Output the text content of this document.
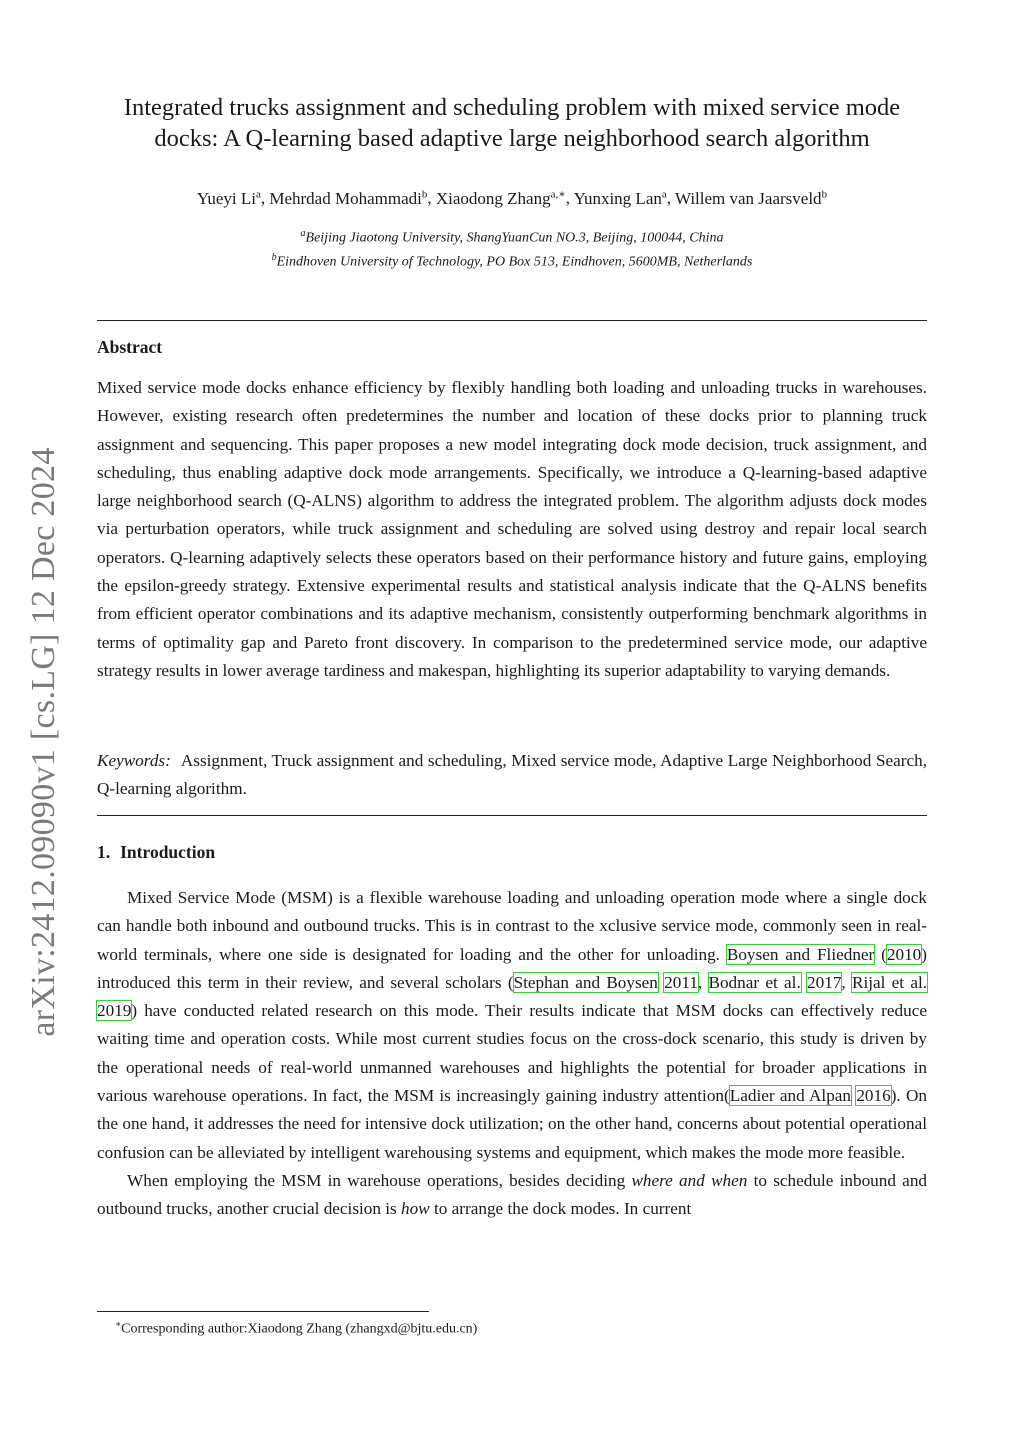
arXiv:2412.09090v1 [cs.LG] 12 Dec 2024
Integrated trucks assignment and scheduling problem with mixed service mode
docks: A Q-learning based adaptive large neighborhood search algorithm
Yueyi Li$^a$, Mehrdad Mohammadi$^b$, Xiaodong Zhang$^{a,∗}$, Yunxing Lan$^a$, Willem van Jaarsveld$^b$
$^a$Beijing Jiaotong University, ShangYuanCun NO.3, Beijing, 100044, China
$^b$Eindhoven University of Technology, PO Box 513, Eindhoven, 5600MB, Netherlands
Abstract

Mixed service mode docks enhance efficiency by flexibly handling both loading and unloading trucks in warehouses. However, existing research often predetermines the number and location of these docks prior to planning truck assignment and sequencing. This paper proposes a new model integrating dock mode decision, truck assignment, and scheduling, thus enabling adaptive dock mode arrangements. Specifically, we introduce a Q-learning-based adaptive large neighborhood search (Q-ALNS) algorithm to address the integrated problem. The algorithm adjusts dock modes via perturbation operators, while truck assignment and scheduling are solved using destroy and repair local search operators. Q-learning adaptively selects these operators based on their performance history and future gains, employing the epsilon-greedy strategy. Extensive experimental results and statistical analysis indicate that the Q-ALNS benefits from efficient operator combinations and its adaptive mechanism, consistently outperforming benchmark algorithms in terms of optimality gap and Pareto front discovery. In comparison to the predetermined service mode, our adaptive strategy results in lower average tardiness and makespan, highlighting its superior adaptability to varying demands.

Keywords: Assignment, Truck assignment and scheduling, Mixed service mode, Adaptive Large Neighborhood Search, Q-learning algorithm.

1. Introduction

Mixed Service Mode (MSM) is a flexible warehouse loading and unloading operation mode where a single dock can handle both inbound and outbound trucks. This is in contrast to the xclusive service mode, commonly seen in real-world terminals, where one side is designated for loading and the other for unloading. Boysen and Fliedner (2010) introduced this term in their review, and several scholars (Stephan and Boysen 2011, Bodnar et al. 2017, Rijal et al. 2019) have conducted related research on this mode. Their results indicate that MSM docks can effectively reduce waiting time and operation costs. While most current studies focus on the cross-dock scenario, this study is driven by the operational needs of real-world unmanned warehouses and highlights the potential for broader applications in various warehouse operations. In fact, the MSM is increasingly gaining industry attention(Ladier and Alpan 2016). On the one hand, it addresses the need for intensive dock utilization; on the other hand, concerns about potential operational confusion can be alleviated by intelligent warehousing systems and equipment, which makes the mode more feasible.

When employing the MSM in warehouse operations, besides deciding where and when to schedule inbound and outbound trucks, another crucial decision is how to arrange the dock modes. In current

∗Corresponding author:Xiaodong Zhang (zhangxd@bjtu.edu.cn)
